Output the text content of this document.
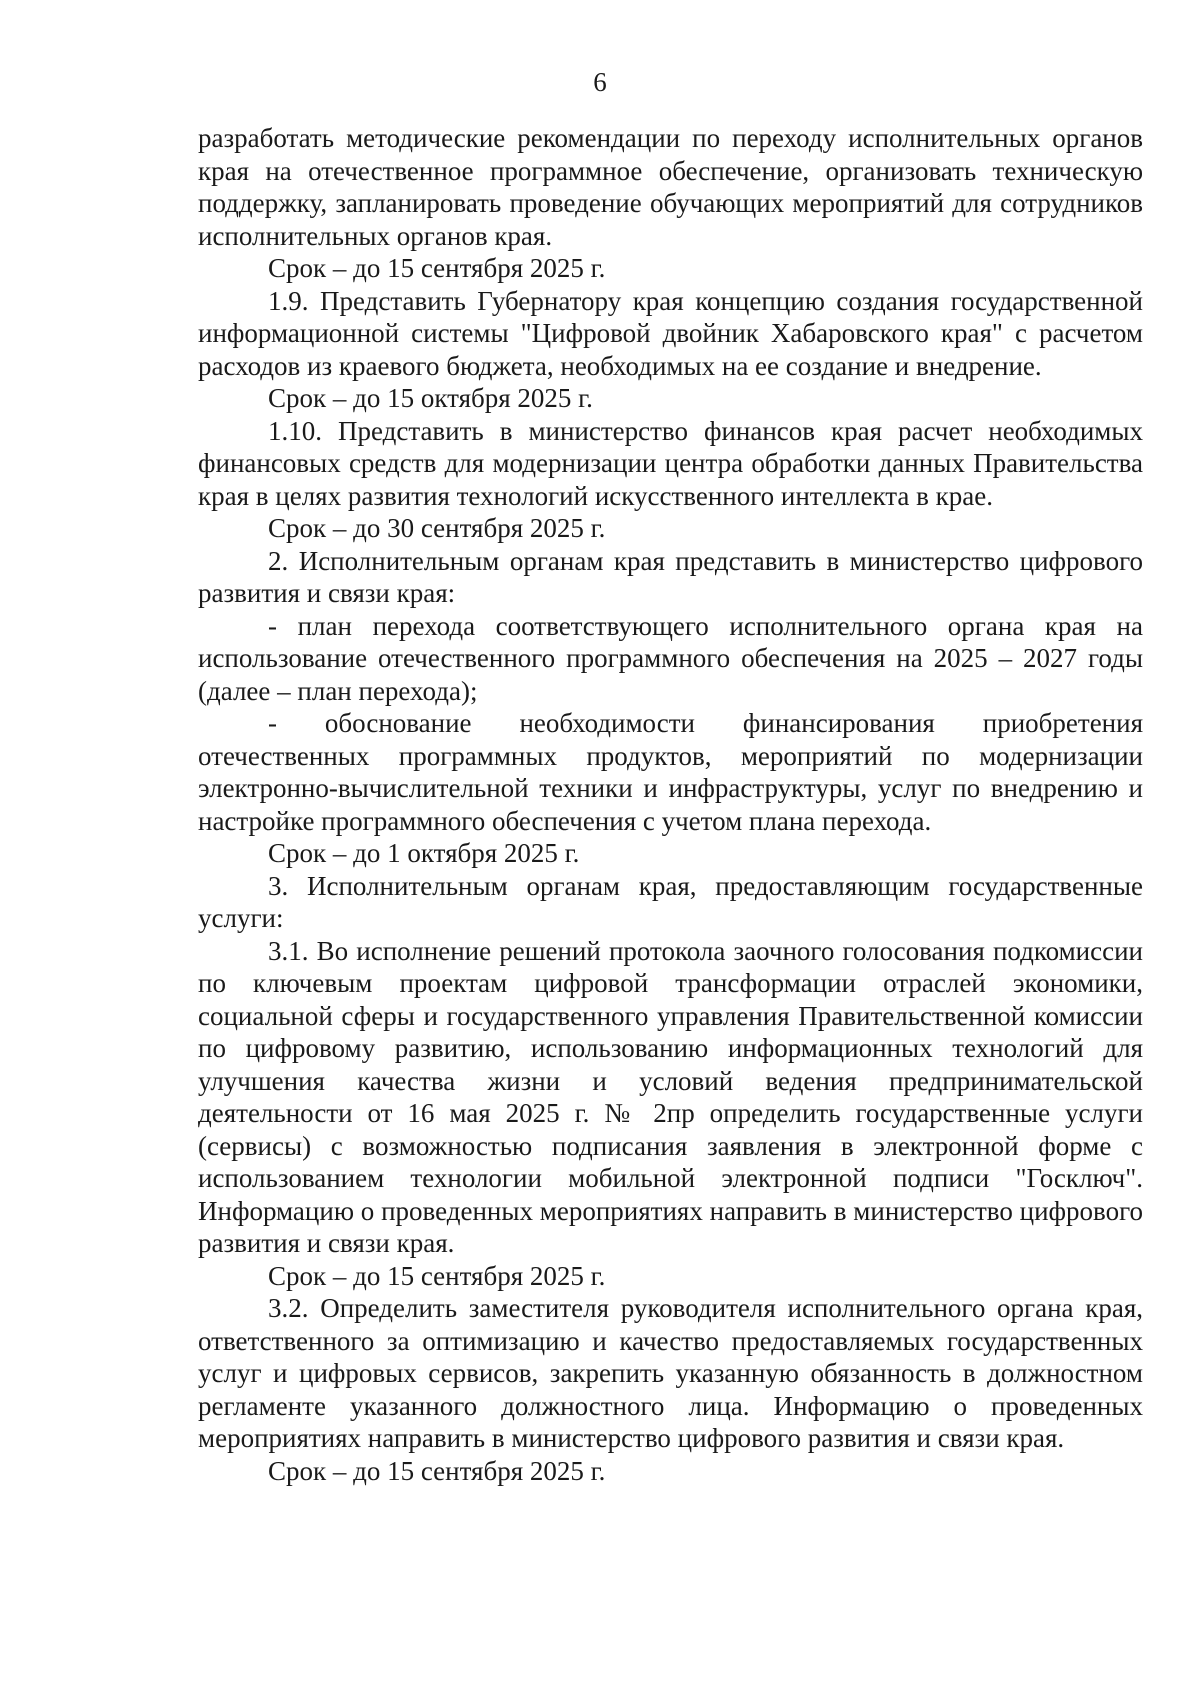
6

разработать методические рекомендации по переходу исполнительных органов края на отечественное программное обеспечение, организовать техническую поддержку, запланировать проведение обучающих мероприятий для сотрудников исполнительных органов края.

Срок – до 15 сентября 2025 г.

1.9. Представить Губернатору края концепцию создания государственной информационной системы "Цифровой двойник Хабаровского края" с расчетом расходов из краевого бюджета, необходимых на ее создание и внедрение.

Срок – до 15 октября 2025 г.

1.10. Представить в министерство финансов края расчет необходимых финансовых средств для модернизации центра обработки данных Правительства края в целях развития технологий искусственного интеллекта в крае.

Срок – до 30 сентября 2025 г.

2. Исполнительным органам края представить в министерство цифрового развития и связи края:

- план перехода соответствующего исполнительного органа края на использование отечественного программного обеспечения на 2025 – 2027 годы (далее – план перехода);

- обоснование необходимости финансирования приобретения отечественных программных продуктов, мероприятий по модернизации электронно-вычислительной техники и инфраструктуры, услуг по внедрению и настройке программного обеспечения с учетом плана перехода.

Срок – до 1 октября 2025 г.

3. Исполнительным органам края, предоставляющим государственные услуги:

3.1. Во исполнение решений протокола заочного голосования подкомиссии по ключевым проектам цифровой трансформации отраслей экономики, социальной сферы и государственного управления Правительственной комиссии по цифровому развитию, использованию информационных технологий для улучшения качества жизни и условий ведения предпринимательской деятельности от 16 мая 2025 г. № 2пр определить государственные услуги (сервисы) с возможностью подписания заявления в электронной форме с использованием технологии мобильной электронной подписи "Госключ". Информацию о проведенных мероприятиях направить в министерство цифрового развития и связи края.

Срок – до 15 сентября 2025 г.

3.2. Определить заместителя руководителя исполнительного органа края, ответственного за оптимизацию и качество предоставляемых государственных услуг и цифровых сервисов, закрепить указанную обязанность в должностном регламенте указанного должностного лица. Информацию о проведенных мероприятиях направить в министерство цифрового развития и связи края.

Срок – до 15 сентября 2025 г.
